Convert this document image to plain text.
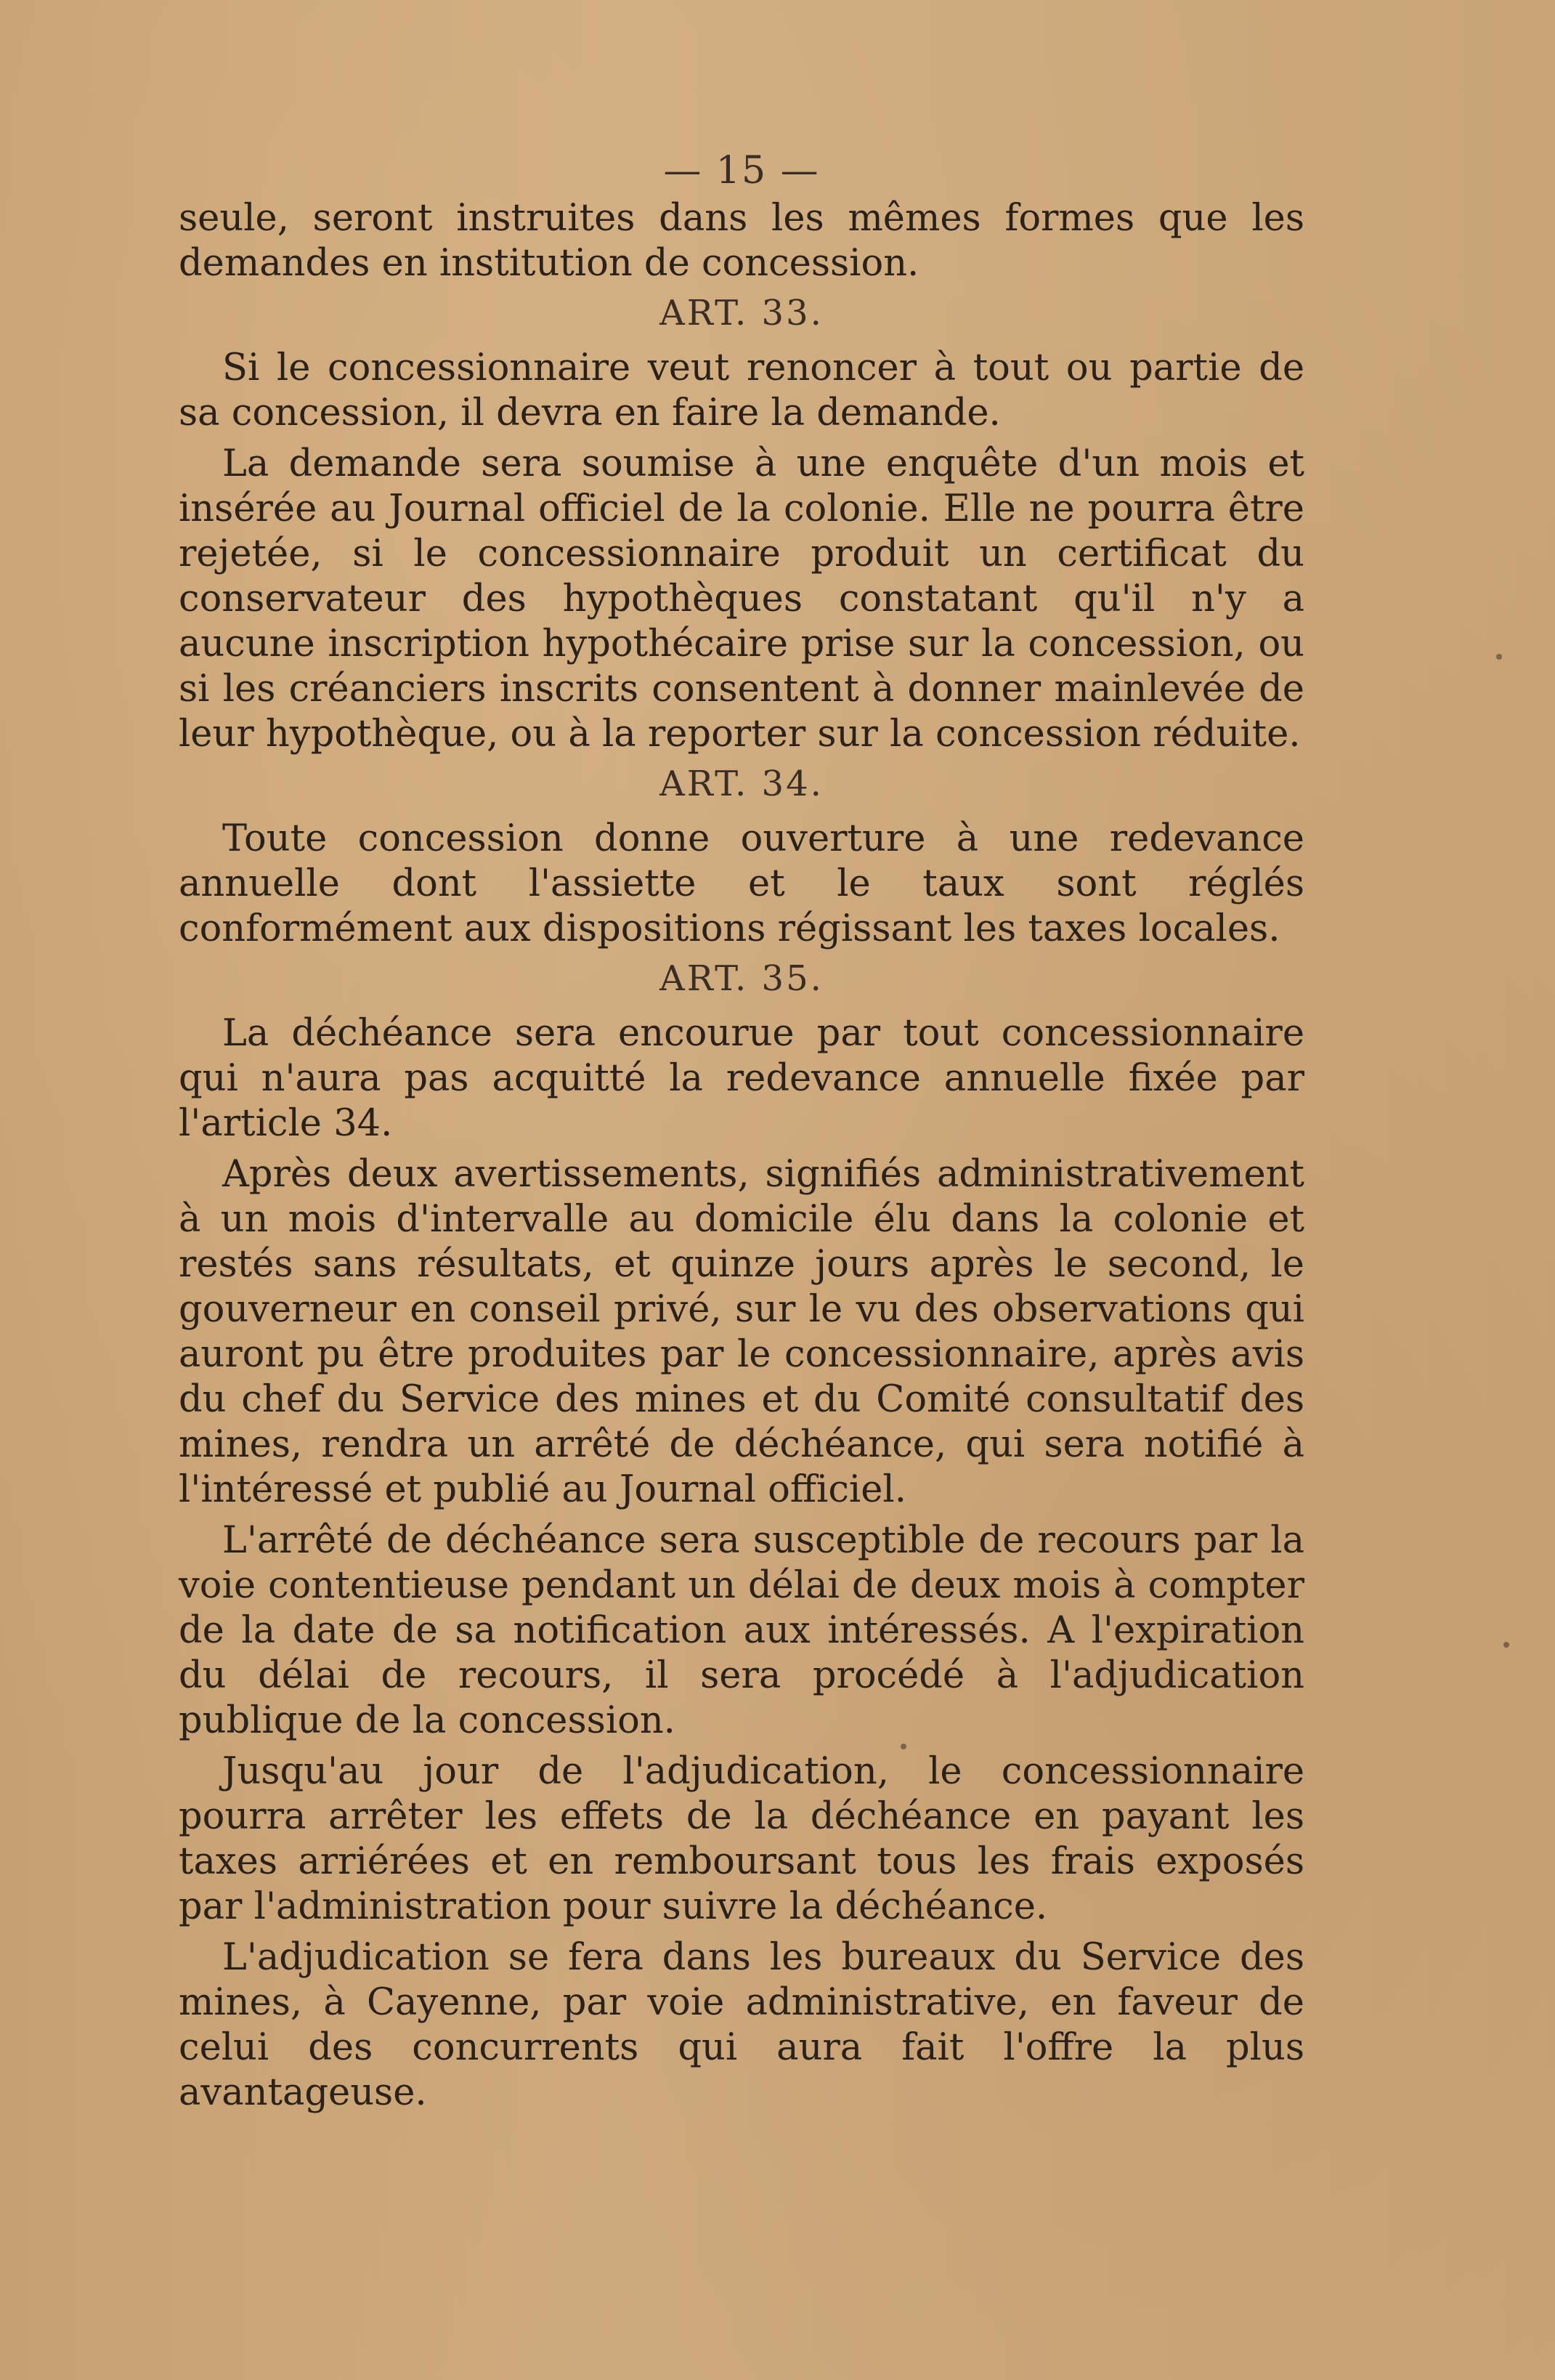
— 15 —

seule, seront instruites dans les mêmes formes que les demandes en institution de concession.

ART. 33.

Si le concessionnaire veut renoncer à tout ou partie de sa concession, il devra en faire la demande.

La demande sera soumise à une enquête d'un mois et insérée au Journal officiel de la colonie. Elle ne pourra être rejetée, si le concessionnaire produit un certificat du conservateur des hypothèques constatant qu'il n'y a aucune inscription hypothécaire prise sur la concession, ou si les créanciers inscrits consentent à donner mainlevée de leur hypothèque, ou à la reporter sur la concession réduite.

ART. 34.

Toute concession donne ouverture à une redevance annuelle dont l'assiette et le taux sont réglés conformément aux dispositions régissant les taxes locales.

ART. 35.

La déchéance sera encourue par tout concessionnaire qui n'aura pas acquitté la redevance annuelle fixée par l'article 34.

Après deux avertissements, signifiés administrativement à un mois d'intervalle au domicile élu dans la colonie et restés sans résultats, et quinze jours après le second, le gouverneur en conseil privé, sur le vu des observations qui auront pu être produites par le concessionnaire, après avis du chef du Service des mines et du Comité consultatif des mines, rendra un arrêté de déchéance, qui sera notifié à l'intéressé et publié au Journal officiel.

L'arrêté de déchéance sera susceptible de recours par la voie contentieuse pendant un délai de deux mois à compter de la date de sa notification aux intéressés. A l'expiration du délai de recours, il sera procédé à l'adjudication publique de la concession.

Jusqu'au jour de l'adjudication, le concessionnaire pourra arrêter les effets de la déchéance en payant les taxes arriérées et en remboursant tous les frais exposés par l'administration pour suivre la déchéance.

L'adjudication se fera dans les bureaux du Service des mines, à Cayenne, par voie administrative, en faveur de celui des concurrents qui aura fait l'offre la plus avantageuse.
